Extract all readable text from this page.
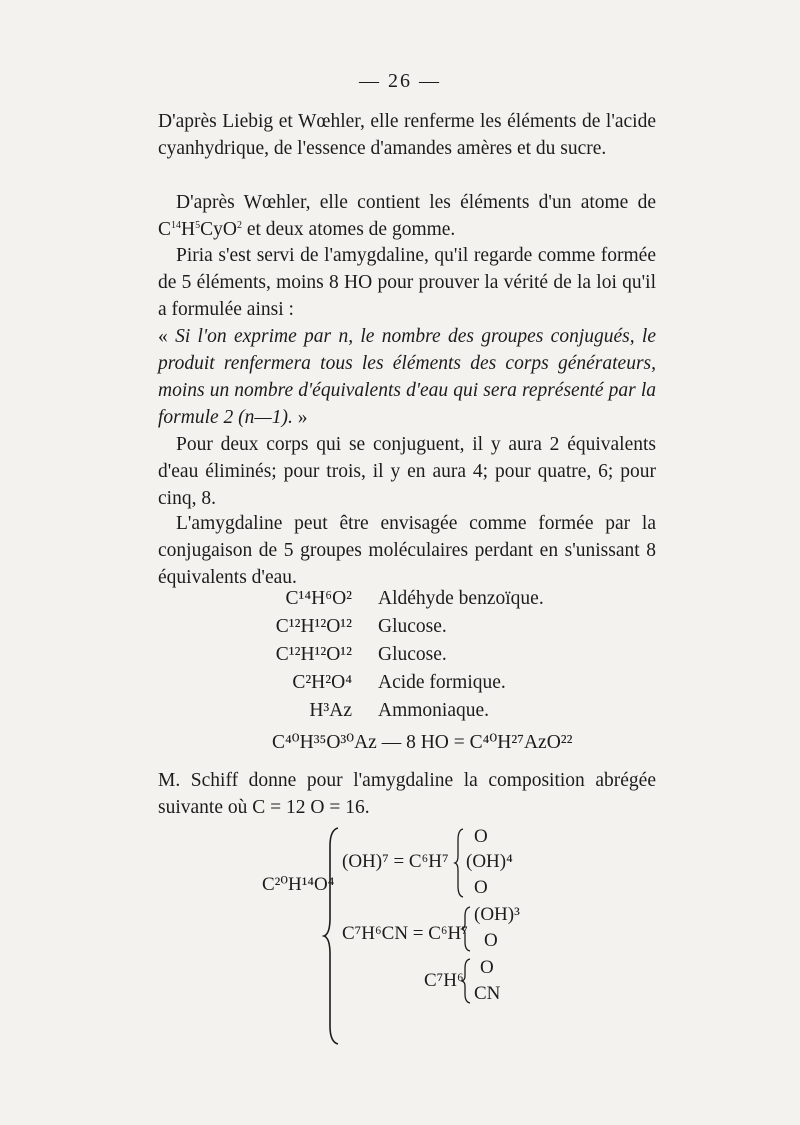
— 26 —
D'après Liebig et Wœhler, elle renferme les éléments de l'acide cyanhydrique, de l'essence d'amandes amères et du sucre.
D'après Wœhler, elle contient les éléments d'un atome de $C^{14}H^5CyO^2$ et deux atomes de gomme.
Piria s'est servi de l'amygdaline, qu'il regarde comme formée de 5 éléments, moins 8 HO pour prouver la vérité de la loi qu'il a formulée ainsi :
« Si l'on exprime par n, le nombre des groupes conjugués, le produit renfermera tous les éléments des corps générateurs, moins un nombre d'équivalents d'eau qui sera représenté par la formule 2 (n—1). »
Pour deux corps qui se conjuguent, il y aura 2 équivalents d'eau éliminés; pour trois, il y en aura 4; pour quatre, 6; pour cinq, 8.
L'amygdaline peut être envisagée comme formée par la conjugaison de 5 groupes moléculaires perdant en s'unissant 8 équivalents d'eau.
C¹⁴H⁶O² Aldéhyde benzoïque.
C¹²H¹²O¹² Glucose.
C¹²H¹²O¹² Glucose.
C²H²O⁴ Acide formique.
H³Az Ammoniaque.
C⁴⁰H³⁵O³⁰Az — 8 HO = C⁴⁰H²⁷AzO²²
M. Schiff donne pour l'amygdaline la composition abrégée suivante où C = 12 O = 16.
C²⁰H¹⁴O⁴
(OH)⁷ = C⁶H⁷
O
(OH)⁴
O
C⁷H⁶CN = C⁶H⁷
(OH)³
O
C⁷H⁶
O
CN
